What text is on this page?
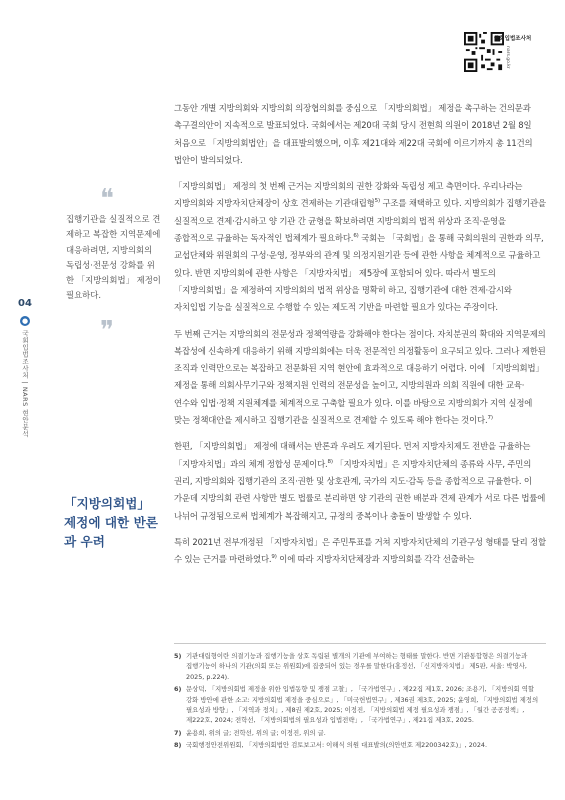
국회입법조사처
nars.go.kr
04
●
국회입법조사처 | NARS 현안분석
❝
집행기관을 실질적으로 견제하고 복잡한 지역문제에 대응하려면, 지방의회의 독립성·전문성 강화를 위한 「지방의회법」 제정이 필요하다.
❞
「지방의회법」 제정에 대한 반론과 우려

그동안 개별 지방의회와 지방의회 의장협의회를 중심으로 「지방의회법」 제정을 촉구하는 건의문과 촉구결의안이 지속적으로 발표되었다. 국회에서는 제20대 국회 당시 전현희 의원이 2018년 2월 8일 처음으로 「지방의회법안」을 대표발의했으며, 이후 제21대와 제22대 국회에 이르기까지 총 11건의 법안이 발의되었다.

「지방의회법」 제정의 첫 번째 근거는 지방의회의 권한 강화와 독립성 제고 측면이다. 우리나라는 지방의회와 지방자치단체장이 상호 견제하는 기관대립형$^{5)}$ 구조를 채택하고 있다. 지방의회가 집행기관을 실질적으로 견제·감시하고 양 기관 간 균형을 확보하려면 지방의회의 법적 위상과 조직·운영을 종합적으로 규율하는 독자적인 법체계가 필요하다.$^{6)}$ 국회는 「국회법」을 통해 국회의원의 권한과 의무, 교섭단체와 위원회의 구성·운영, 정부와의 관계 및 의정지원기관 등에 관한 사항을 체계적으로 규율하고 있다. 반면 지방의회에 관한 사항은 「지방자치법」 제5장에 포함되어 있다. 따라서 별도의 「지방의회법」을 제정하여 지방의회의 법적 위상을 명확히 하고, 집행기관에 대한 견제·감시와 자치입법 기능을 실질적으로 수행할 수 있는 제도적 기반을 마련할 필요가 있다는 주장이다.

두 번째 근거는 지방의회의 전문성과 정책역량을 강화해야 한다는 점이다. 자치분권의 확대와 지역문제의 복잡성에 신속하게 대응하기 위해 지방의회에는 더욱 전문적인 의정활동이 요구되고 있다. 그러나 제한된 조직과 인력만으로는 복잡하고 전문화된 지역 현안에 효과적으로 대응하기 어렵다. 이에 「지방의회법」 제정을 통해 의회사무기구와 정책지원 인력의 전문성을 높이고, 지방의원과 의회 직원에 대한 교육·연수와 입법·정책 지원체계를 체계적으로 구축할 필요가 있다. 이를 바탕으로 지방의회가 지역 실정에 맞는 정책대안을 제시하고 집행기관을 실질적으로 견제할 수 있도록 해야 한다는 것이다.$^{7)}$

한편, 「지방의회법」 제정에 대해서는 반론과 우려도 제기된다. 먼저 지방자치제도 전반을 규율하는 「지방자치법」과의 체계 정합성 문제이다.$^{8)}$ 「지방자치법」은 지방자치단체의 종류와 사무, 주민의 권리, 지방의회와 집행기관의 조직·권한 및 상호관계, 국가의 지도·감독 등을 종합적으로 규율한다. 이 가운데 지방의회 관련 사항만 별도 법률로 분리하면 양 기관의 권한 배분과 견제 관계가 서로 다른 법률에 나뉘어 규정됨으로써 법체계가 복잡해지고, 규정의 중복이나 충돌이 발생할 수 있다.

특히 2021년 전부개정된 「지방자치법」은 주민투표를 거쳐 지방자치단체의 기관구성 형태를 달리 정할 수 있는 근거를 마련하였다.$^{9)}$ 이에 따라 지방자치단체장과 지방의회를 각각 선출하는

5) 기관대립형이란 의결기능과 집행기능을 상호 독립된 별개의 기관에 부여하는 형태를 말한다. 반면 기관통합형은 의결기능과 집행기능이 하나의 기관(의회 또는 위원회)에 집중되어 있는 경우를 말한다(홍정선, 「신지방자치법」 제5판, 서울: 박영사, 2025, p.224).
6) 문상덕, 「지방의회법 제정을 위한 입법동향 및 쟁점 고찰」, 「국가법연구」, 제22집 제1호, 2026; 조용기, 「지방의회 역할 강화 방안에 관한 소고: 지방의회법 제정을 중심으로」, 「미국헌법연구」, 제36권 제3호, 2025; 윤영희, 「지방의회법 제정의 필요성과 방향」, 「지역과 정치」, 제8권 제2호, 2025; 이정진, 「지방의회법 제정 필요성과 쟁점」, 「월간 공공정책」, 제222호, 2024; 전학선, 「지방의회법의 필요성과 입법전략」, 「국가법연구」, 제21집 제3호, 2025.
7) 윤용희, 위의 글; 전학선, 위의 글; 이정진, 위의 글.
8) 국회행정안전위원회, 「지방의회법안 검토보고서: 이해식 의원 대표발의(의안번호 제2200342호)」, 2024.
